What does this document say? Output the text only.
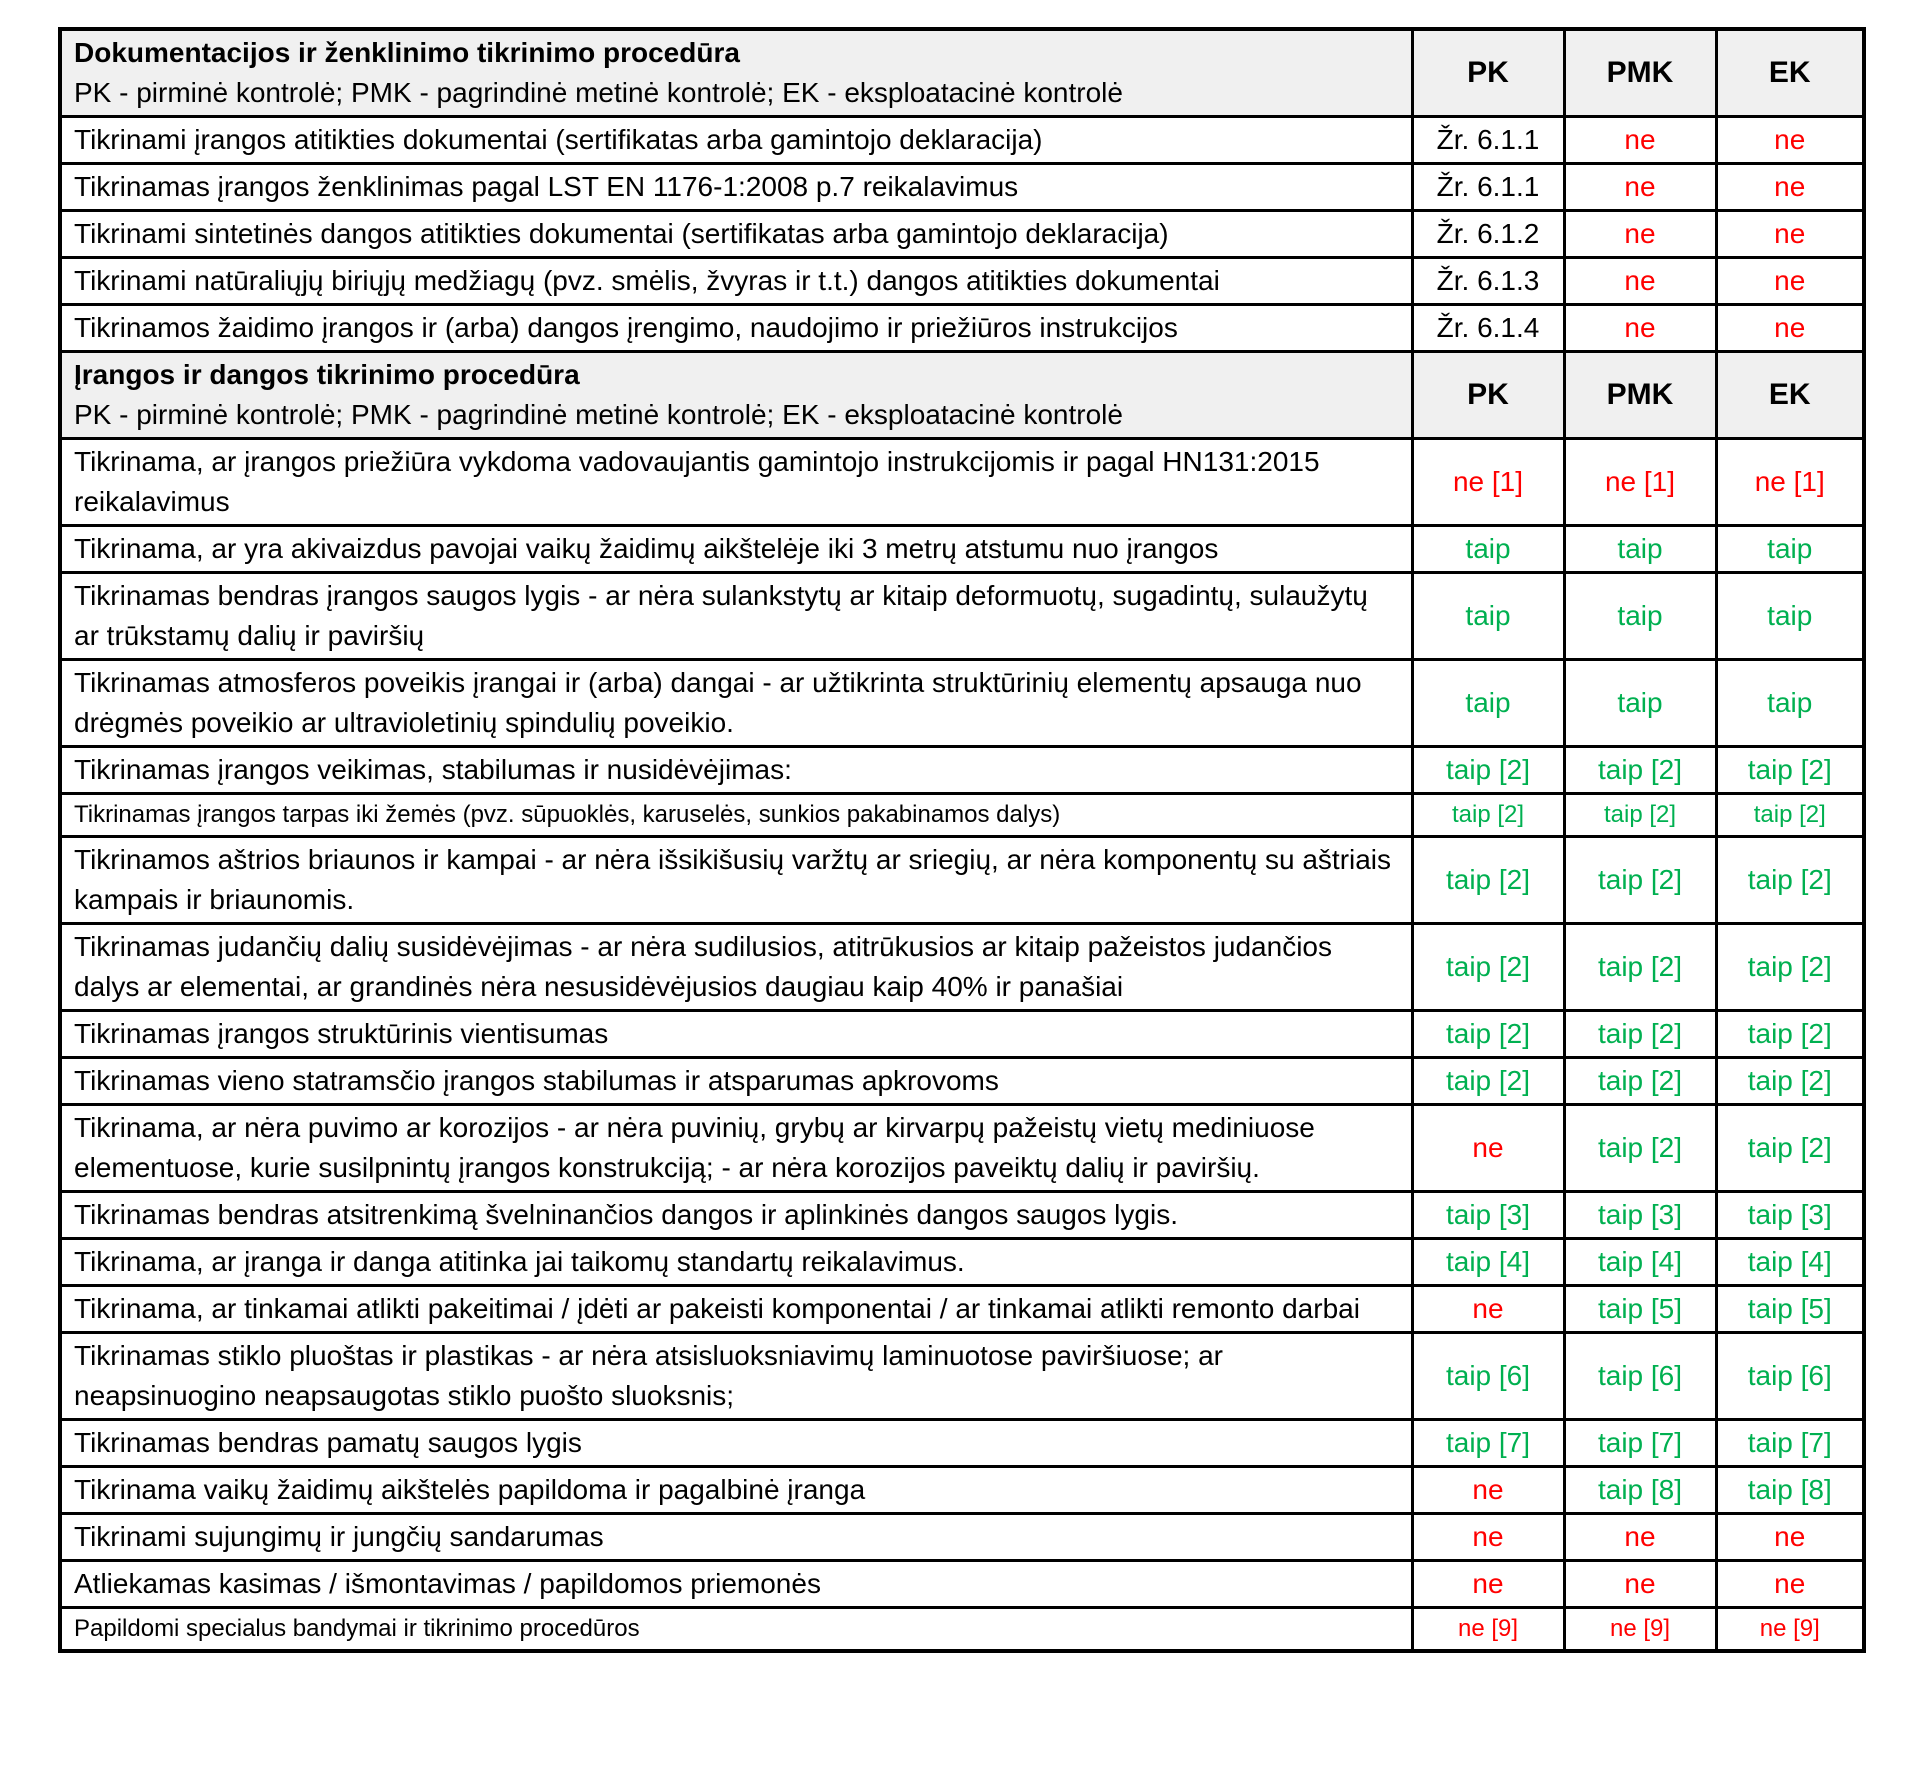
Dokumentacijos ir ženklinimo tikrinimo procedūra
PK - pirminė kontrolė; PMK - pagrindinė metinė kontrolė; EK - eksploatacinė kontrolė	PK	PMK	EK
Tikrinami įrangos atitikties dokumentai (sertifikatas arba gamintojo deklaracija)	Žr. 6.1.1	ne	ne
Tikrinamas įrangos ženklinimas pagal LST EN 1176-1:2008 p.7 reikalavimus	Žr. 6.1.1	ne	ne
Tikrinami sintetinės dangos atitikties dokumentai (sertifikatas arba gamintojo deklaracija)	Žr. 6.1.2	ne	ne
Tikrinami natūraliųjų biriųjų medžiagų (pvz. smėlis, žvyras ir t.t.) dangos atitikties dokumentai	Žr. 6.1.3	ne	ne
Tikrinamos žaidimo įrangos ir (arba) dangos įrengimo, naudojimo ir priežiūros instrukcijos	Žr. 6.1.4	ne	ne

Įrangos ir dangos tikrinimo procedūra
PK - pirminė kontrolė; PMK - pagrindinė metinė kontrolė; EK - eksploatacinė kontrolė	PK	PMK	EK
Tikrinama, ar įrangos priežiūra vykdoma vadovaujantis gamintojo instrukcijomis ir pagal HN131:2015 reikalavimus	ne [1]	ne [1]	ne [1]
Tikrinama, ar yra akivaizdus pavojai vaikų žaidimų aikštelėje iki 3 metrų atstumu nuo įrangos	taip	taip	taip
Tikrinamas bendras įrangos saugos lygis - ar nėra sulankstytų ar kitaip deformuotų, sugadintų, sulaužytų ar trūkstamų dalių ir paviršių	taip	taip	taip
Tikrinamas atmosferos poveikis įrangai ir (arba) dangai - ar užtikrinta struktūrinių elementų apsauga nuo drėgmės poveikio ar ultravioletinių spindulių poveikio.	taip	taip	taip
Tikrinamas įrangos veikimas, stabilumas ir nusidėvėjimas:	taip [2]	taip [2]	taip [2]
Tikrinamas įrangos tarpas iki žemės (pvz. sūpuoklės, karuselės, sunkios pakabinamos dalys)	taip [2]	taip [2]	taip [2]
Tikrinamos aštrios briaunos ir kampai - ar nėra išsikišusių varžtų ar sriegių, ar nėra komponentų su aštriais kampais ir briaunomis.	taip [2]	taip [2]	taip [2]
Tikrinamas judančių dalių susidėvėjimas - ar nėra sudilusios, atitrūkusios ar kitaip pažeistos judančios dalys ar elementai, ar grandinės nėra nesusidėvėjusios daugiau kaip 40% ir panašiai	taip [2]	taip [2]	taip [2]
Tikrinamas įrangos struktūrinis vientisumas	taip [2]	taip [2]	taip [2]
Tikrinamas vieno statramsčio įrangos stabilumas ir atsparumas apkrovoms	taip [2]	taip [2]	taip [2]
Tikrinama, ar nėra puvimo ar korozijos - ar nėra puvinių, grybų ar kirvarpų pažeistų vietų mediniuose elementuose, kurie susilpnintų įrangos konstrukciją; - ar nėra korozijos paveiktų dalių ir paviršių.	ne	taip [2]	taip [2]
Tikrinamas bendras atsitrenkimą švelninančios dangos ir aplinkinės dangos saugos lygis.	taip [3]	taip [3]	taip [3]
Tikrinama, ar įranga ir danga atitinka jai taikomų standartų reikalavimus.	taip [4]	taip [4]	taip [4]
Tikrinama, ar tinkamai atlikti pakeitimai / įdėti ar pakeisti komponentai / ar tinkamai atlikti remonto darbai	ne	taip [5]	taip [5]
Tikrinamas stiklo pluoštas ir plastikas - ar nėra atsisluoksniavimų laminuotose paviršiuose; ar neapsinuogino neapsaugotas stiklo puošto sluoksnis;	taip [6]	taip [6]	taip [6]
Tikrinamas bendras pamatų saugos lygis	taip [7]	taip [7]	taip [7]
Tikrinama vaikų žaidimų aikštelės papildoma ir pagalbinė įranga	ne	taip [8]	taip [8]
Tikrinami sujungimų ir jungčių sandarumas	ne	ne	ne
Atliekamas kasimas / išmontavimas / papildomos priemonės	ne	ne	ne
Papildomi specialus bandymai ir tikrinimo procedūros	ne [9]	ne [9]	ne [9]
